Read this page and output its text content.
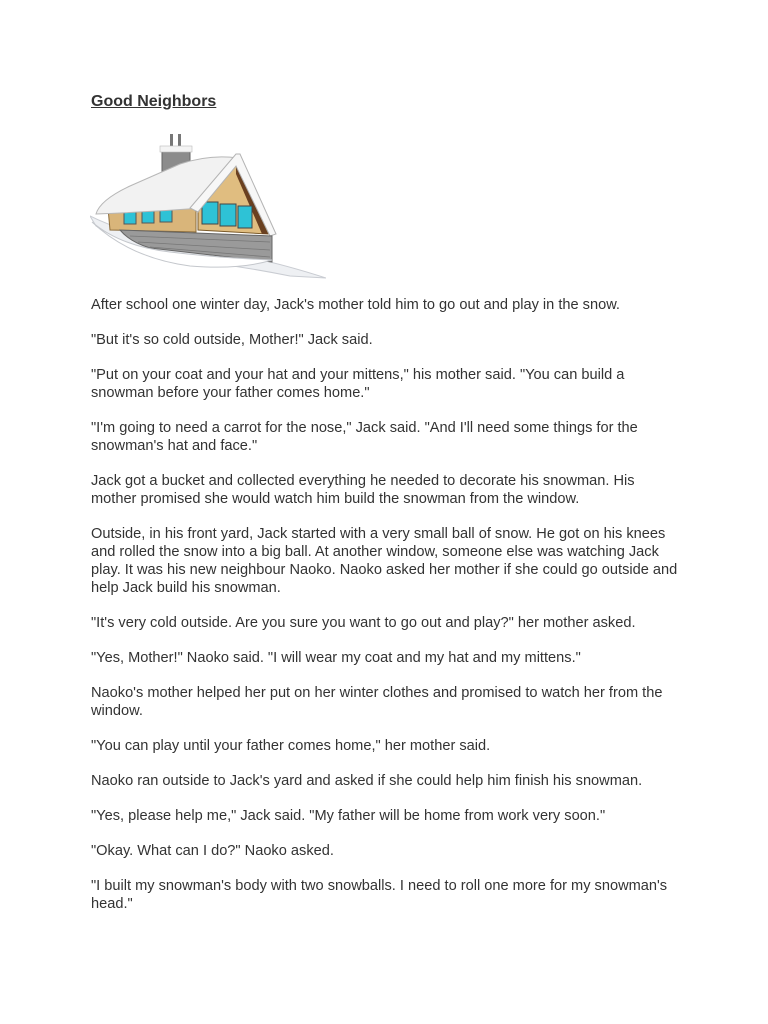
Good Neighbors

After school one winter day, Jack's mother told him to go out and play in the snow.

"But it's so cold outside, Mother!" Jack said.

"Put on your coat and your hat and your mittens," his mother said. "You can build a snowman before your father comes home."

"I'm going to need a carrot for the nose," Jack said. "And I'll need some things for the snowman's hat and face."

Jack got a bucket and collected everything he needed to decorate his snowman. His mother promised she would watch him build the snowman from the window.

Outside, in his front yard, Jack started with a very small ball of snow. He got on his knees and rolled the snow into a big ball. At another window, someone else was watching Jack play. It was his new neighbour Naoko. Naoko asked her mother if she could go outside and help Jack build his snowman.

"It's very cold outside. Are you sure you want to go out and play?" her mother asked.

"Yes, Mother!" Naoko said. "I will wear my coat and my hat and my mittens."

Naoko's mother helped her put on her winter clothes and promised to watch her from the window.

"You can play until your father comes home," her mother said.

Naoko ran outside to Jack's yard and asked if she could help him finish his snowman.

"Yes, please help me," Jack said. "My father will be home from work very soon."

"Okay. What can I do?" Naoko asked.

"I built my snowman's body with two snowballs. I need to roll one more for my snowman's head."
